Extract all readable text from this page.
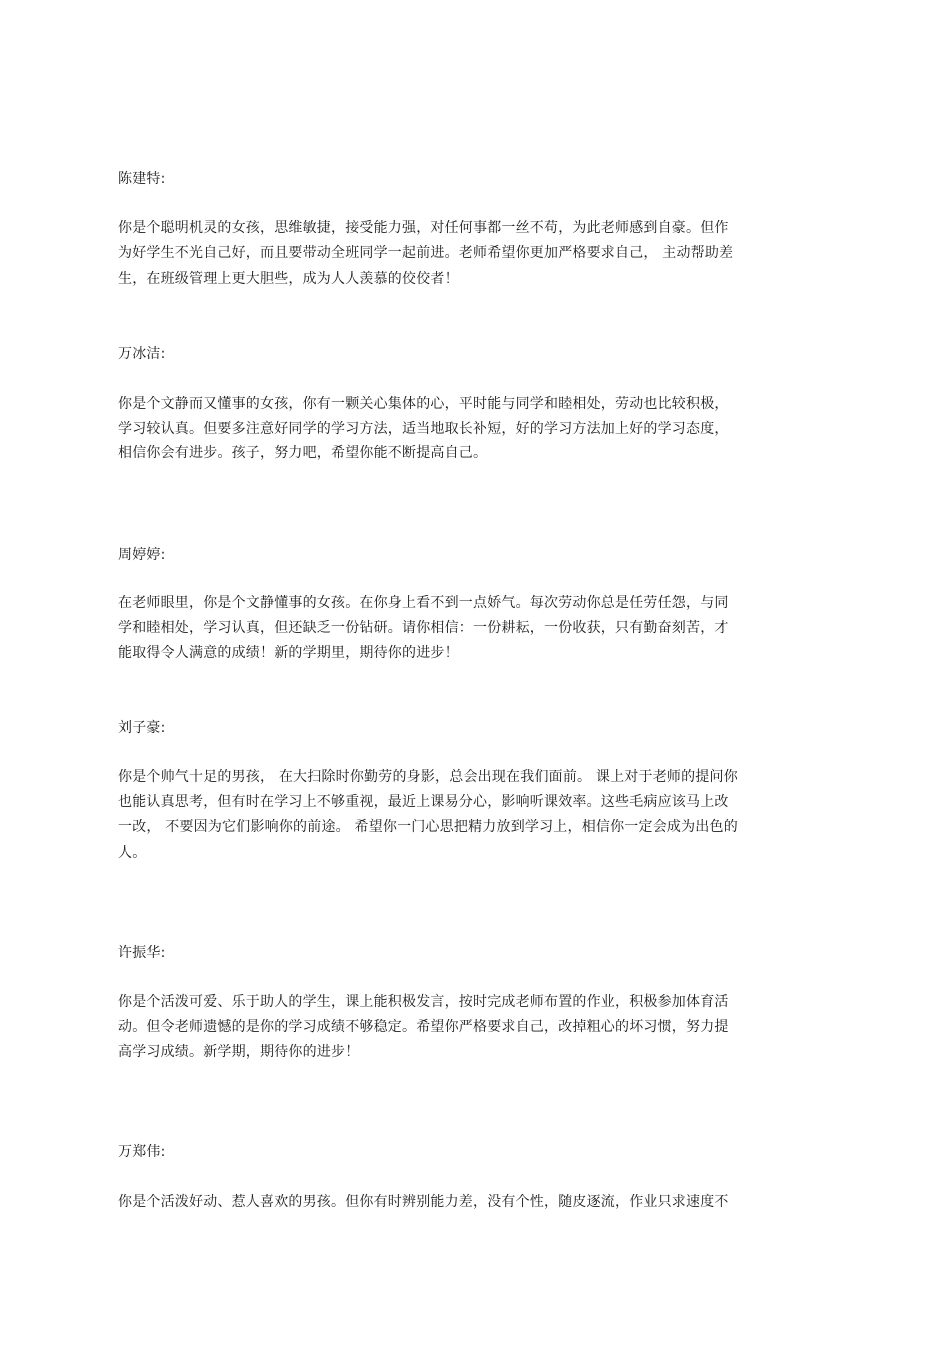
陈建特:
你是个聪明机灵的女孩，思维敏捷，接受能力强，对任何事都一丝不苟，为此老师感到自豪。但作
为好学生不光自己好，而且要带动全班同学一起前进。老师希望你更加严格要求自己， 主动帮助差
生，在班级管理上更大胆些，成为人人羡慕的佼佼者！
万冰洁:
你是个文静而又懂事的女孩，你有一颗关心集体的心，平时能与同学和睦相处，劳动也比较积极，
学习较认真。但要多注意好同学的学习方法，适当地取长补短，好的学习方法加上好的学习态度，
相信你会有进步。孩子，努力吧，希望你能不断提高自己。
周婷婷:
在老师眼里，你是个文静懂事的女孩。在你身上看不到一点娇气。每次劳动你总是任劳任怨，与同
学和睦相处，学习认真，但还缺乏一份钻研。请你相信：一份耕耘，一份收获，只有勤奋刻苦，才
能取得令人满意的成绩！新的学期里，期待你的进步！
刘子豪:
你是个帅气十足的男孩， 在大扫除时你勤劳的身影，总会出现在我们面前。 课上对于老师的提问你
也能认真思考，但有时在学习上不够重视，最近上课易分心，影响听课效率。这些毛病应该马上改
一改， 不要因为它们影响你的前途。 希望你一门心思把精力放到学习上，相信你一定会成为出色的
人。
许振华:
你是个活泼可爱、乐于助人的学生，课上能积极发言，按时完成老师布置的作业，积极参加体育活
动。但令老师遗憾的是你的学习成绩不够稳定。希望你严格要求自己，改掉粗心的坏习惯，努力提
高学习成绩。新学期，期待你的进步！
万郑伟:
你是个活泼好动、惹人喜欢的男孩。但你有时辨别能力差，没有个性，随皮逐流，作业只求速度不
